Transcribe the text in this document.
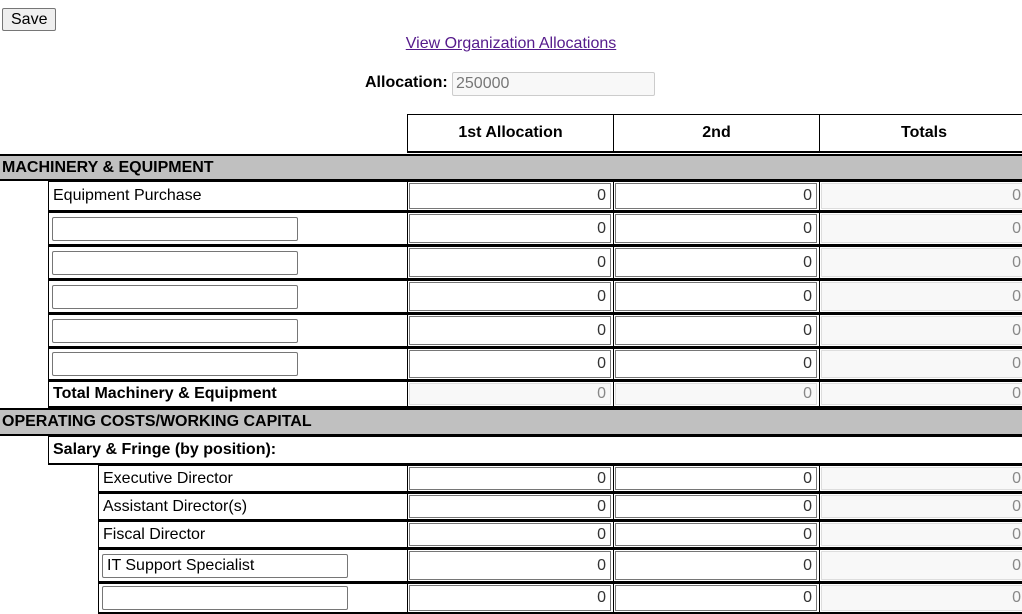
Save
View Organization Allocations
Allocation:
250000
1st Allocation	2nd	Totals
MACHINERY & EQUIPMENT
Equipment Purchase
0
0
0
0
0
0
0
0
0
0
0
0
0
0
0
0
0
0
Total Machinery & Equipment
0
0
0
OPERATING COSTS/WORKING CAPITAL
Salary & Fringe (by position):
Executive Director
0
0
0
Assistant Director(s)
0
0
0
Fiscal Director
0
0
0
IT Support Specialist
0
0
0
0
0
0
